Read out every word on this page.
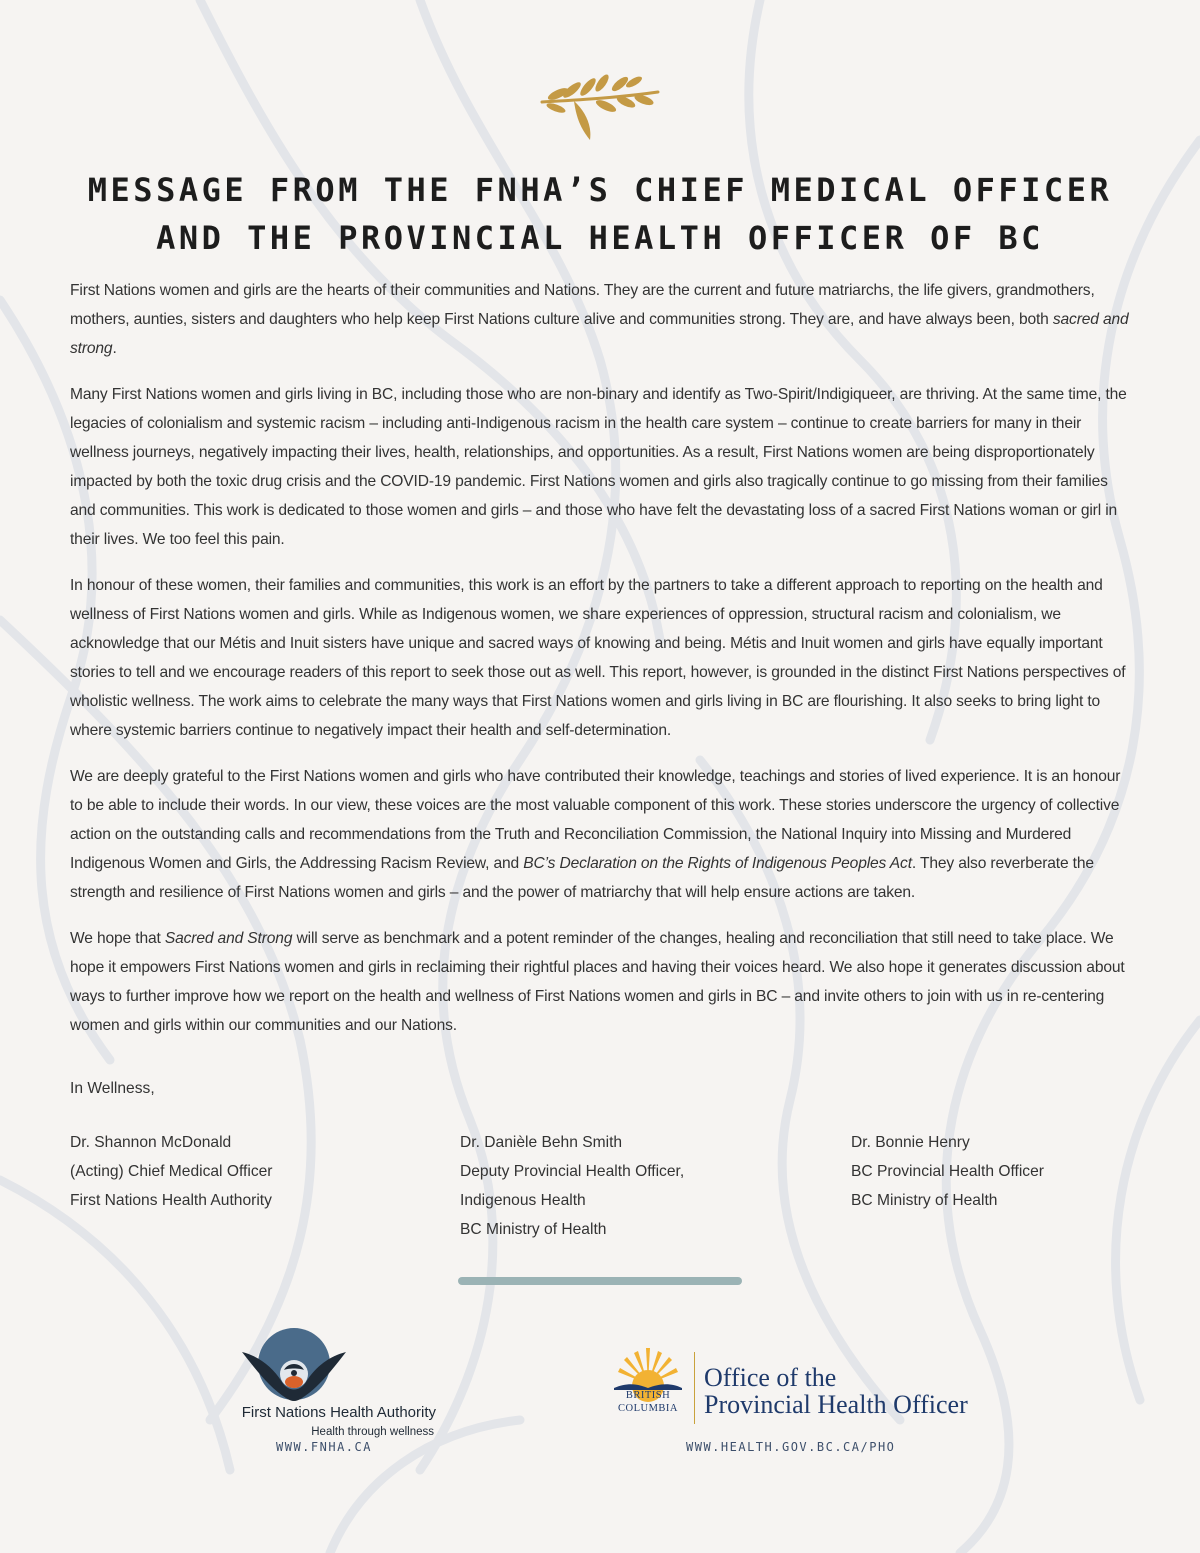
MESSAGE FROM THE FNHA’S CHIEF MEDICAL OFFICER
AND THE PROVINCIAL HEALTH OFFICER OF BC

First Nations women and girls are the hearts of their communities and Nations. They are the current and future matriarchs, the life givers, grandmothers, mothers, aunties, sisters and daughters who help keep First Nations culture alive and communities strong. They are, and have always been, both sacred and strong.

Many First Nations women and girls living in BC, including those who are non-binary and identify as Two-Spirit/Indigiqueer, are thriving. At the same time, the legacies of colonialism and systemic racism – including anti-Indigenous racism in the health care system – continue to create barriers for many in their wellness journeys, negatively impacting their lives, health, relationships, and opportunities. As a result, First Nations women are being disproportionately impacted by both the toxic drug crisis and the COVID-19 pandemic. First Nations women and girls also tragically continue to go missing from their families and communities. This work is dedicated to those women and girls – and those who have felt the devastating loss of a sacred First Nations woman or girl in their lives. We too feel this pain.

In honour of these women, their families and communities, this work is an effort by the partners to take a different approach to reporting on the health and wellness of First Nations women and girls. While as Indigenous women, we share experiences of oppression, structural racism and colonialism, we acknowledge that our Métis and Inuit sisters have unique and sacred ways of knowing and being. Métis and Inuit women and girls have equally important stories to tell and we encourage readers of this report to seek those out as well. This report, however, is grounded in the distinct First Nations perspectives of wholistic wellness. The work aims to celebrate the many ways that First Nations women and girls living in BC are flourishing. It also seeks to bring light to where systemic barriers continue to negatively impact their health and self-determination.

We are deeply grateful to the First Nations women and girls who have contributed their knowledge, teachings and stories of lived experience. It is an honour to be able to include their words. In our view, these voices are the most valuable component of this work. These stories underscore the urgency of collective action on the outstanding calls and recommendations from the Truth and Reconciliation Commission, the National Inquiry into Missing and Murdered Indigenous Women and Girls, the Addressing Racism Review, and BC’s Declaration on the Rights of Indigenous Peoples Act. They also reverberate the strength and resilience of First Nations women and girls – and the power of matriarchy that will help ensure actions are taken.

We hope that Sacred and Strong will serve as benchmark and a potent reminder of the changes, healing and reconciliation that still need to take place. We hope it empowers First Nations women and girls in reclaiming their rightful places and having their voices heard. We also hope it generates discussion about ways to further improve how we report on the health and wellness of First Nations women and girls in BC – and invite others to join with us in re-centering women and girls within our communities and our Nations.

In Wellness,
Dr. Shannon McDonald
(Acting) Chief Medical Officer
First Nations Health Authority
Dr. Danièle Behn Smith
Deputy Provincial Health Officer,
Indigenous Health
BC Ministry of Health
Dr. Bonnie Henry
BC Provincial Health Officer
BC Ministry of Health
First Nations Health Authority
Health through wellness
BRITISH
COLUMBIA
Office of the
Provincial Health Officer
WWW.FNHA.CA	WWW.HEALTH.GOV.BC.CA/PHO
